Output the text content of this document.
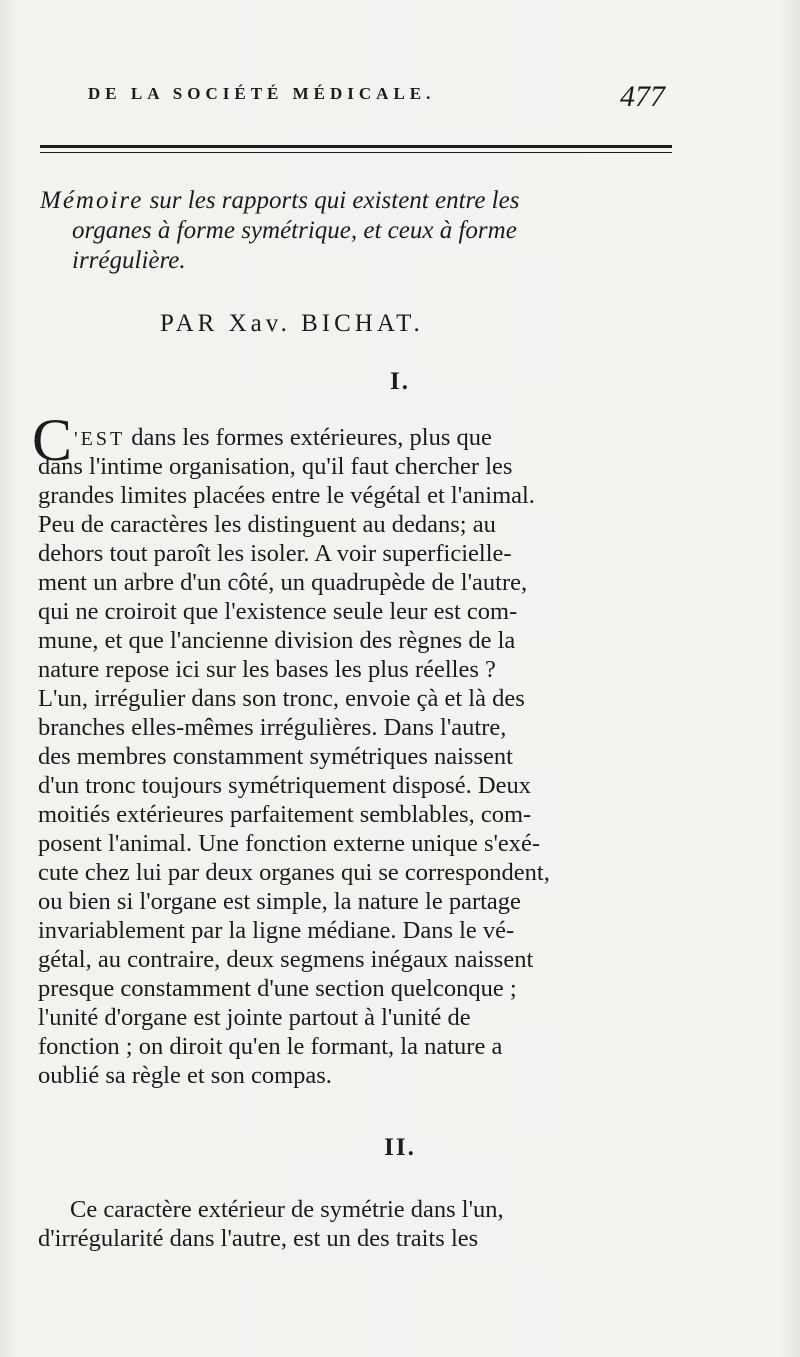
DE LA SOCIÉTÉ MÉDICALE.	477
Mémoire sur les rapports qui existent entre les
organes à forme symétrique, et ceux à forme
irrégulière.
PAR Xav. BICHAT.
I.
C 'EST dans les formes extérieures, plus que
dans l'intime organisation, qu'il faut chercher les
grandes limites placées entre le végétal et l'animal.
Peu de caractères les distinguent au dedans; au
dehors tout paroît les isoler. A voir superficielle-
ment un arbre d'un côté, un quadrupède de l'autre,
qui ne croiroit que l'existence seule leur est com-
mune, et que l'ancienne division des règnes de la
nature repose ici sur les bases les plus réelles ?
L'un, irrégulier dans son tronc, envoie çà et là des
branches elles-mêmes irrégulières. Dans l'autre,
des membres constamment symétriques naissent
d'un tronc toujours symétriquement disposé. Deux
moitiés extérieures parfaitement semblables, com-
posent l'animal. Une fonction externe unique s'exé-
cute chez lui par deux organes qui se correspondent,
ou bien si l'organe est simple, la nature le partage
invariablement par la ligne médiane. Dans le vé-
gétal, au contraire, deux segmens inégaux naissent
presque constamment d'une section quelconque ;
l'unité d'organe est jointe partout à l'unité de
fonction ; on diroit qu'en le formant, la nature a
oublié sa règle et son compas.
II.
Ce caractère extérieur de symétrie dans l'un,
d'irrégularité dans l'autre, est un des traits les
